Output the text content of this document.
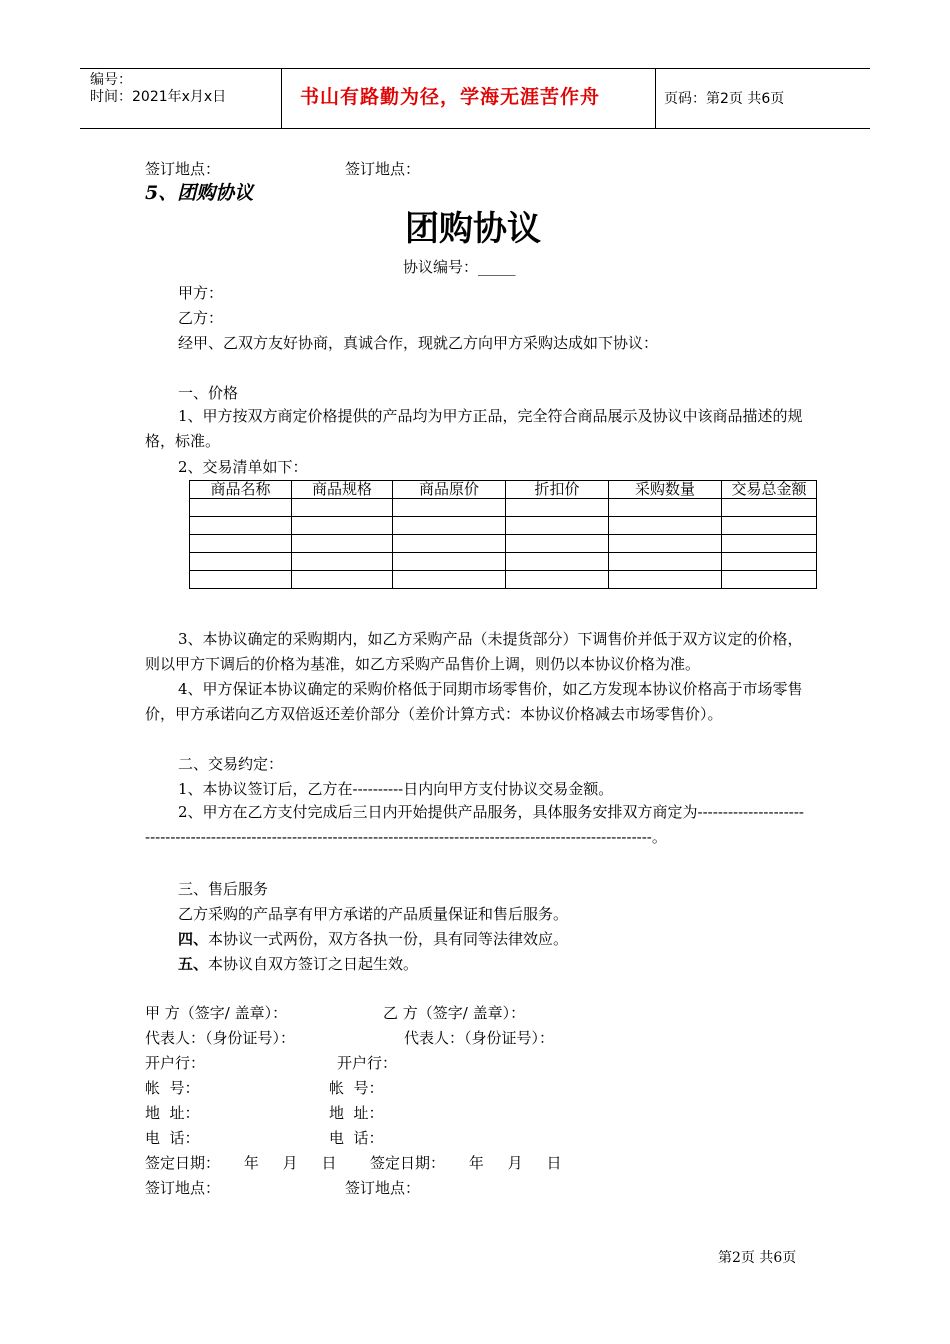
编号：
时间：2021年x月x日	书山有路勤为径，学海无涯苦作舟	页码：第2页 共6页
签订地点：	签订地点：
5、团购协议
团购协议
协议编号：_____
甲方：
乙方：
经甲、乙双方友好协商，真诚合作，现就乙方向甲方采购达成如下协议：
一、价格
1、甲方按双方商定价格提供的产品均为甲方正品，完全符合商品展示及协议中该商品描述的规格，标准。
2、交易清单如下：
商品名称	商品规格	商品原价	折扣价	采购数量	交易总金额

3、本协议确定的采购期内，如乙方采购产品（未提货部分）下调售价并低于双方议定的价格，则以甲方下调后的价格为基准，如乙方采购产品售价上调，则仍以本协议价格为准。
4、甲方保证本协议确定的采购价格低于同期市场零售价，如乙方发现本协议价格高于市场零售价，甲方承诺向乙方双倍返还差价部分（差价计算方式：本协议价格减去市场零售价）。
二、交易约定：
1、本协议签订后，乙方在----------日内向甲方支付协议交易金额。
2、甲方在乙方支付完成后三日内开始提供产品服务，具体服务安排双方商定为-------------------------------------------------------------------------------------------------------------------------。
三、售后服务
乙方采购的产品享有甲方承诺的产品质量保证和售后服务。
四、本协议一式两份，双方各执一份，具有同等法律效应。
五、本协议自双方签订之日起生效。
甲 方（签字/ 盖章）：	乙 方（签字/ 盖章）：
代表人：（身份证号）：	代表人：（身份证号）：
开户行：	开户行：
帐  号：	帐  号：
地  址：	地  址：
电  话：	电  话：
签定日期：     年     月     日 签定日期：     年     月     日
签订地点：	签订地点：
第2页 共6页
